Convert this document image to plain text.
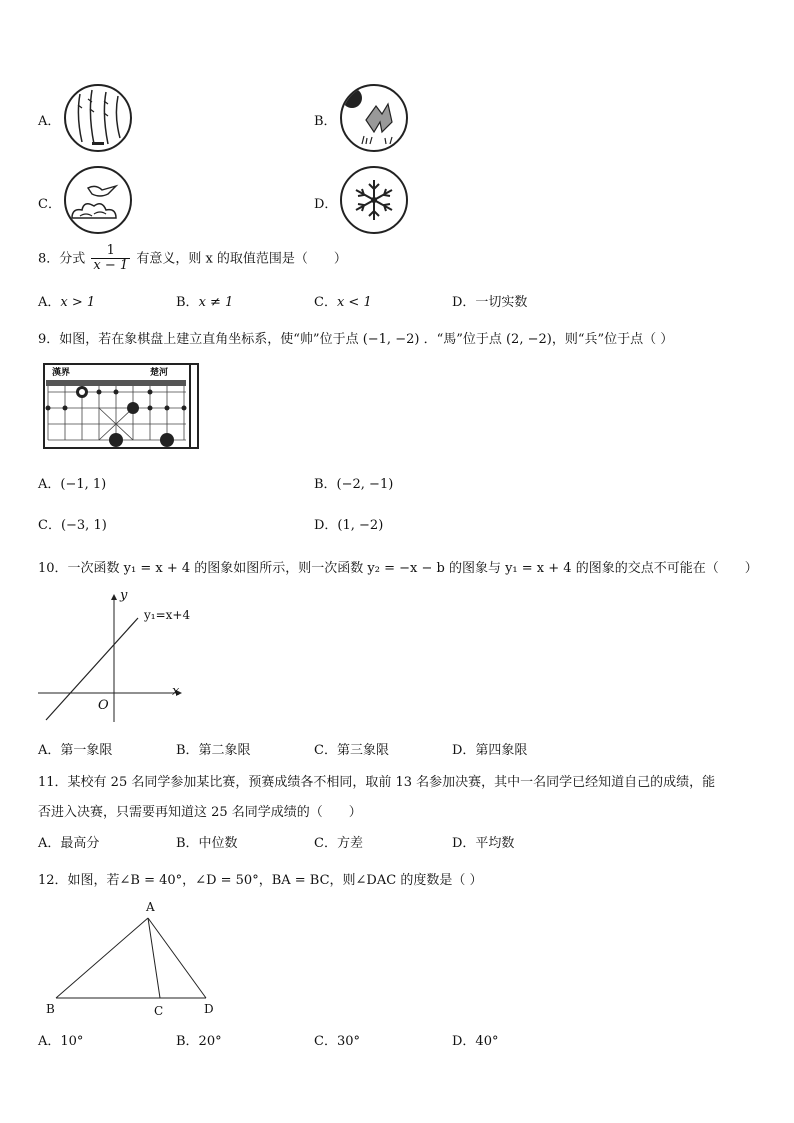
A．	B．
C．	D．
8．分式 $\frac{1}{x - 1}$ 有意义，则 x 的取值范围是（　　）
A．x > 1	B．x ≠ 1	C．x < 1	D．一切实数
9．如图，若在象棋盘上建立直角坐标系，使“帅”位于点 (−1, −2) ．“馬”位于点 (2, −2)，则“兵”位于点（ ）
漢界	楚河
A．(−1, 1)	B．(−2, −1)
C．(−3, 1)	D．(1, −2)
10．一次函数 y₁ = x + 4 的图象如图所示，则一次函数 y₂ = −x − b 的图象与 y₁ = x + 4 的图象的交点不可能在（　　）
y
x
O
y₁=x+4
A．第一象限	B．第二象限	C．第三象限	D．第四象限
11．某校有 25 名同学参加某比赛，预赛成绩各不相同，取前 13 名参加决赛，其中一名同学已经知道自己的成绩，能
否进入决赛，只需要再知道这 25 名同学成绩的（　　）
A．最高分	B．中位数	C．方差	D．平均数
12．如图，若∠B = 40°，∠D = 50°，BA = BC，则∠DAC 的度数是（ ）
A
B	C	D
A．10°	B．20°	C．30°	D．40°
